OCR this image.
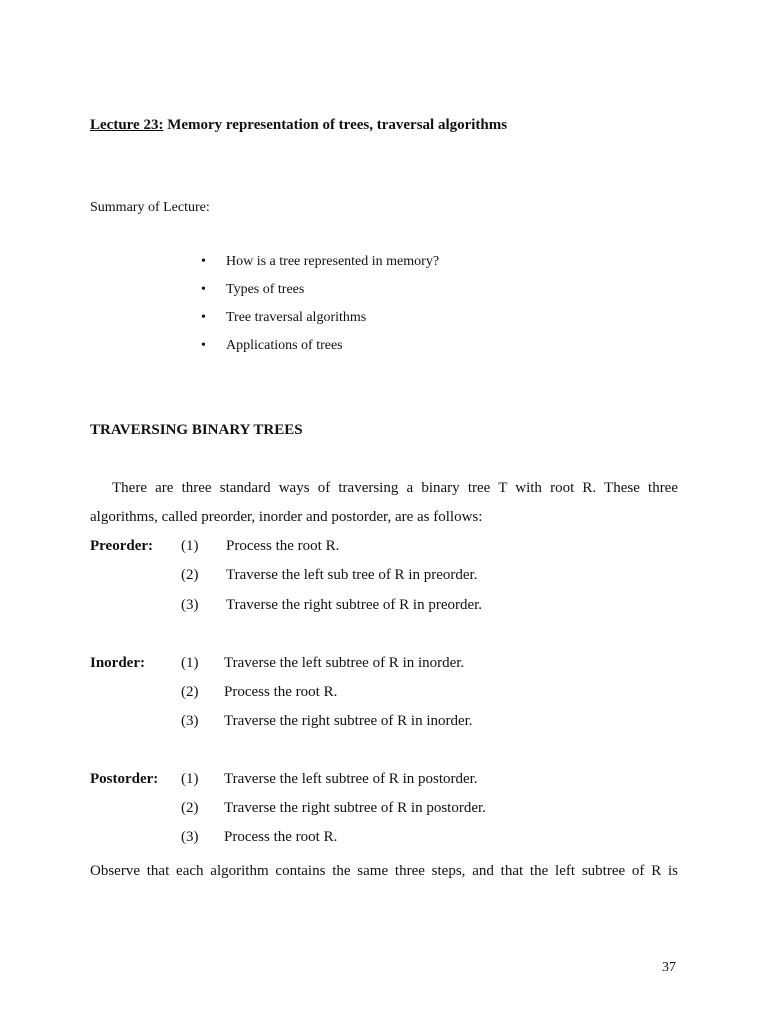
Lecture 23: Memory representation of trees, traversal algorithms
Summary of Lecture:
• How is a tree represented in memory?
• Types of trees
• Tree traversal algorithms
• Applications of trees
TRAVERSING BINARY TREES
There are three standard ways of traversing a binary tree T with root R. These three
algorithms, called preorder, inorder and postorder, are as follows:
Preorder: (1) Process the root R.
(2) Traverse the left sub tree of R in preorder.
(3) Traverse the right subtree of R in preorder.
Inorder: (1) Traverse the left subtree of R in inorder.
(2) Process the root R.
(3) Traverse the right subtree of R in inorder.
Postorder: (1) Traverse the left subtree of R in postorder.
(2) Traverse the right subtree of R in postorder.
(3) Process the root R.
Observe that each algorithm contains the same three steps, and that the left subtree of R is
37
